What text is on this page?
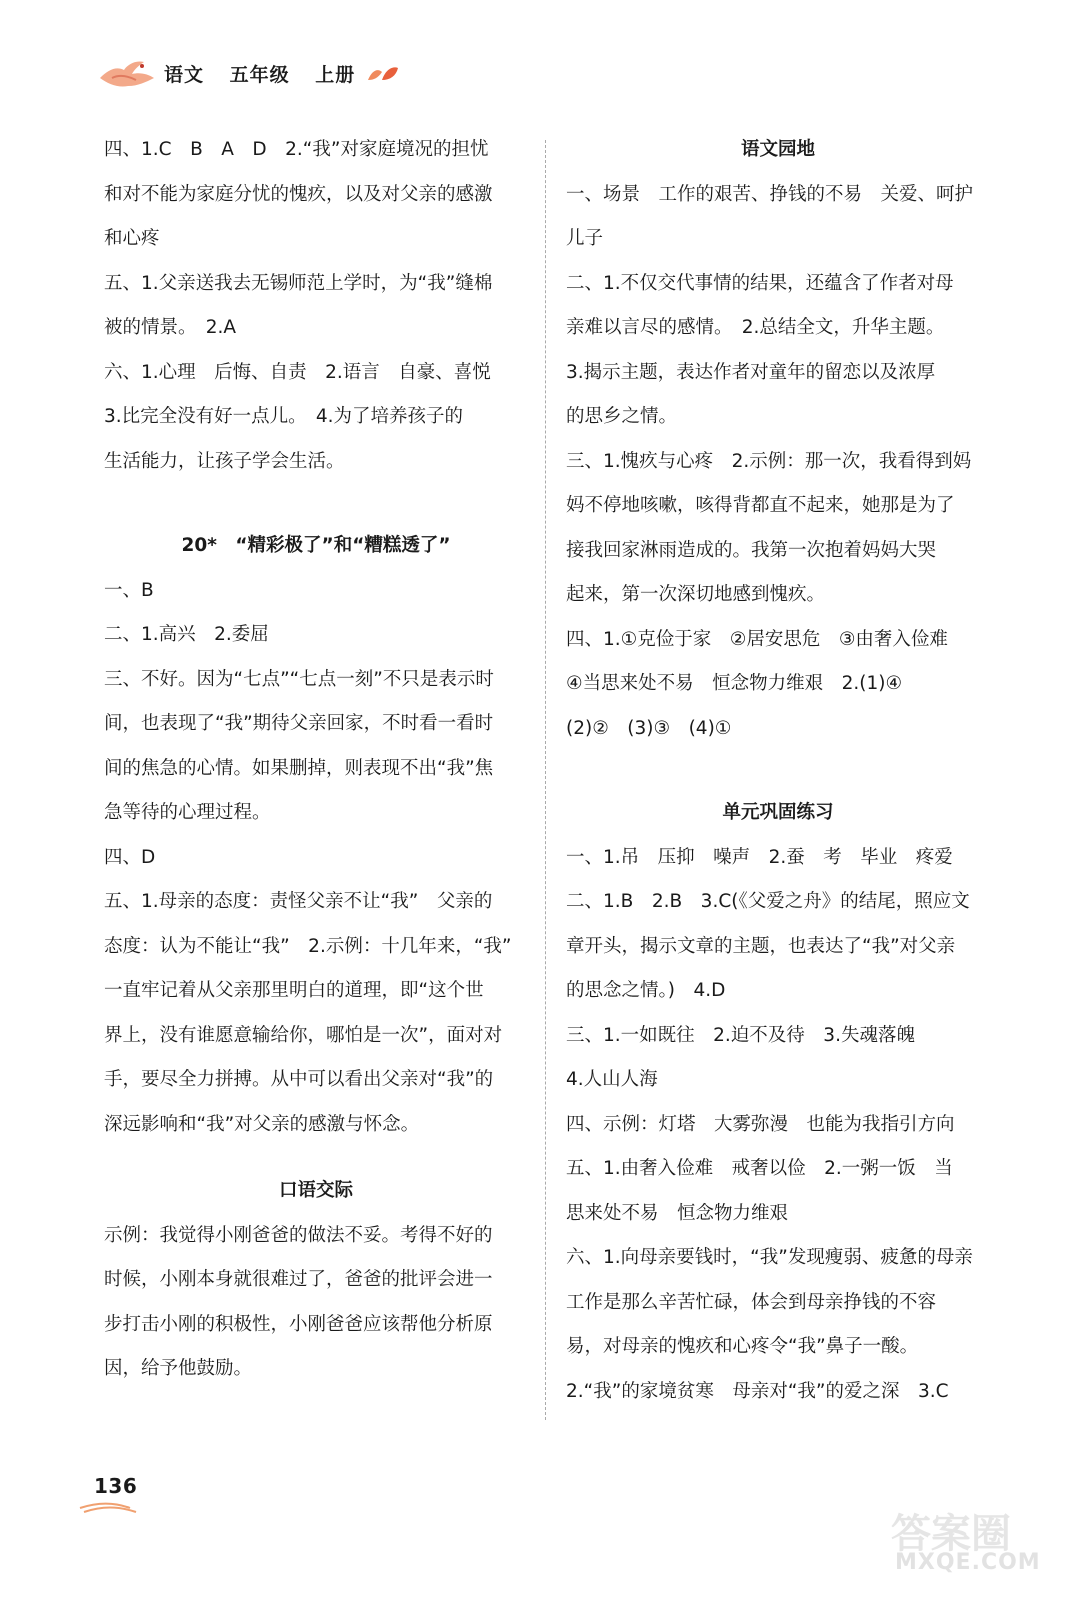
语文 五年级 上册
四、1.C　B　A　D　2.“我”对家庭境况的担忧
和对不能为家庭分忧的愧疚，以及对父亲的感激
和心疼
五、1.父亲送我去无锡师范上学时，为“我”缝棉
被的情景。　2.A
六、1.心理　后悔、自责　2.语言　自豪、喜悦
3.比完全没有好一点儿。　4.为了培养孩子的
生活能力，让孩子学会生活。
20*　“精彩极了”和“糟糕透了”
一、B
二、1.高兴　2.委屈
三、不好。因为“七点”“七点一刻”不只是表示时
间，也表现了“我”期待父亲回家，不时看一看时
间的焦急的心情。如果删掉，则表现不出“我”焦
急等待的心理过程。
四、D
五、1.母亲的态度：责怪父亲不让“我”　父亲的
态度：认为不能让“我”　2.示例：十几年来，“我”
一直牢记着从父亲那里明白的道理，即“这个世
界上，没有谁愿意输给你，哪怕是一次”，面对对
手，要尽全力拼搏。从中可以看出父亲对“我”的
深远影响和“我”对父亲的感激与怀念。
口语交际
示例：我觉得小刚爸爸的做法不妥。考得不好的
时候，小刚本身就很难过了，爸爸的批评会进一
步打击小刚的积极性，小刚爸爸应该帮他分析原
因，给予他鼓励。
语文园地
一、场景　工作的艰苦、挣钱的不易　关爱、呵护
儿子
二、1.不仅交代事情的结果，还蕴含了作者对母
亲难以言尽的感情。　2.总结全文，升华主题。
3.揭示主题，表达作者对童年的留恋以及浓厚
的思乡之情。
三、1.愧疚与心疼　2.示例：那一次，我看得到妈
妈不停地咳嗽，咳得背都直不起来，她那是为了
接我回家淋雨造成的。我第一次抱着妈妈大哭
起来，第一次深切地感到愧疚。
四、1.①克俭于家　②居安思危　③由奢入俭难
④当思来处不易　恒念物力维艰　2.(1)④
(2)②　(3)③　(4)①
单元巩固练习
一、1.吊　压抑　噪声　2.蚕　考　毕业　疼爱
二、1.B　2.B　3.C(《父爱之舟》的结尾，照应文
章开头，揭示文章的主题，也表达了“我”对父亲
的思念之情。)　4.D
三、1.一如既往　2.迫不及待　3.失魂落魄
4.人山人海
四、示例：灯塔　大雾弥漫　也能为我指引方向
五、1.由奢入俭难　戒奢以俭　2.一粥一饭　当
思来处不易　恒念物力维艰
六、1.向母亲要钱时，“我”发现瘦弱、疲惫的母亲
工作是那么辛苦忙碌，体会到母亲挣钱的不容
易，对母亲的愧疚和心疼令“我”鼻子一酸。
2.“我”的家境贫寒　母亲对“我”的爱之深　3.C
136
答案圈
MXQE.COM
